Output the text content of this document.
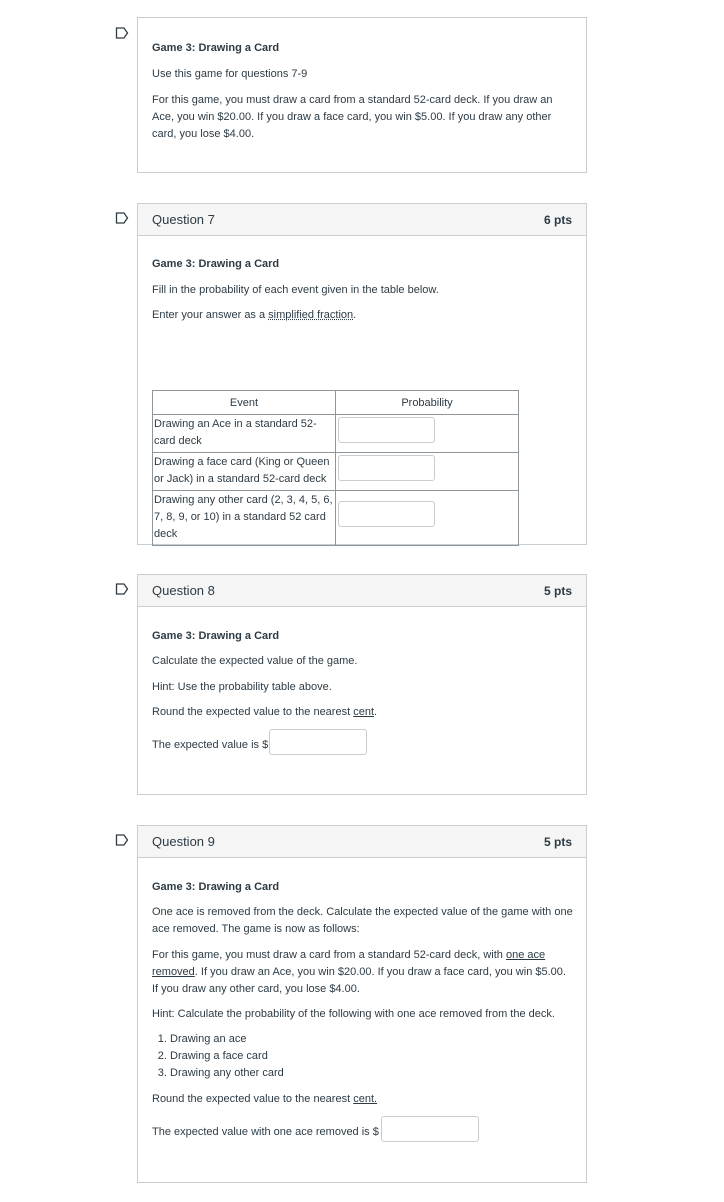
Game 3: Drawing a Card
Use this game for questions 7-9
For this game, you must draw a card from a standard 52-card deck. If you draw an Ace, you win $20.00. If you draw a face card, you win $5.00. If you draw any other card, you lose $4.00.
Question 7	6 pts
Game 3: Drawing a Card
Fill in the probability of each event given in the table below.
Enter your answer as a simplified fraction.
Event	Probability
Drawing an Ace in a standard 52-card deck	

Drawing a face card (King or Queen or Jack) in a standard 52-card deck	

Drawing any other card (2, 3, 4, 5, 6, 7, 8, 9, or 10) in a standard 52 card deck	
Question 8	5 pts
Game 3: Drawing a Card
Calculate the expected value of the game.
Hint: Use the probability table above.
Round the expected value to the nearest cent.
The expected value is $
Question 9	5 pts
Game 3: Drawing a Card
One ace is removed from the deck. Calculate the expected value of the game with one ace removed. The game is now as follows:
For this game, you must draw a card from a standard 52-card deck, with one ace removed. If you draw an Ace, you win $20.00. If you draw a face card, you win $5.00. If you draw any other card, you lose $4.00.
Hint: Calculate the probability of the following with one ace removed from the deck.
1. Drawing an ace
2. Drawing a face card
3. Drawing any other card
Round the expected value to the nearest cent.
The expected value with one ace removed is $
